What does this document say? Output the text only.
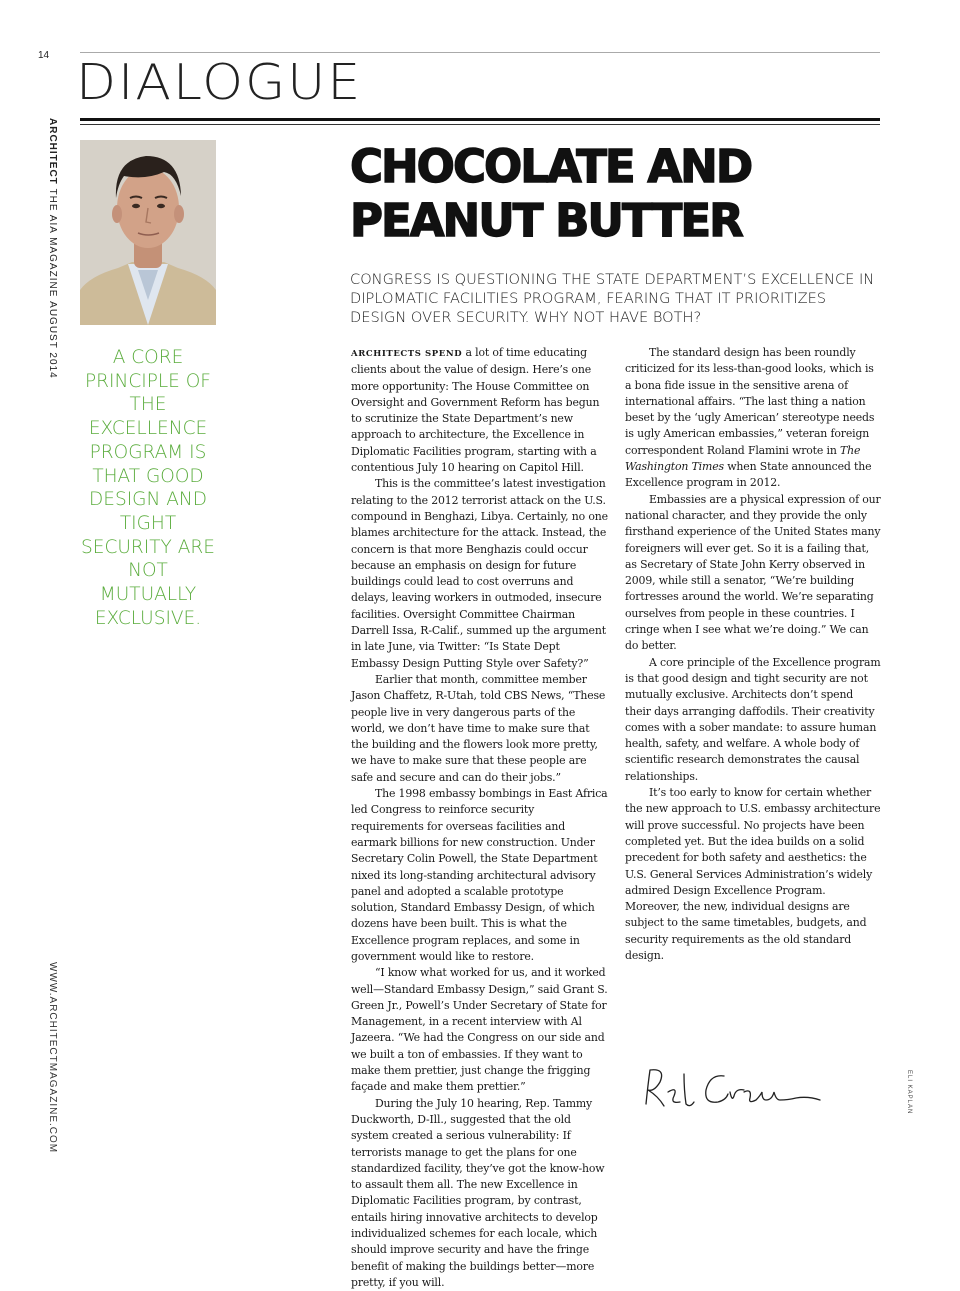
14 DIALOGUE
ARCHITECT THE AIA MAGAZINE AUGUST 2014
WWW.ARCHITECTMAGAZINE.COM	ELI KAPLAN

A CORE PRINCIPLE OF THE EXCELLENCE PROGRAM IS THAT GOOD DESIGN AND TIGHT SECURITY ARE NOT MUTUALLY EXCLUSIVE.

CHOCOLATE AND
PEANUT BUTTER

CONGRESS IS QUESTIONING THE STATE DEPARTMENT’S EXCELLENCE IN DIPLOMATIC FACILITIES PROGRAM, FEARING THAT IT PRIORITIZES DESIGN OVER SECURITY. WHY NOT HAVE BOTH?

ARCHITECTS SPEND a lot of time educating clients about the value of design. Here’s one more opportunity: The House Committee on Oversight and Government Reform has begun to scrutinize the State Department’s new approach to architecture, the Excellence in Diplomatic Facilities program, starting with a contentious July 10 hearing on Capitol Hill.

This is the committee’s latest investigation relating to the 2012 terrorist attack on the U.S. compound in Benghazi, Libya. Certainly, no one blames architecture for the attack. Instead, the concern is that more Benghazis could occur because an emphasis on design for future buildings could lead to cost overruns and delays, leaving workers in outmoded, insecure facilities. Oversight Committee Chairman Darrell Issa, R-Calif., summed up the argument in late June, via Twitter: “Is State Dept Embassy Design Putting Style over Safety?”

Earlier that month, committee member Jason Chaffetz, R-Utah, told CBS News, “These people live in very dangerous parts of the world, we don’t have time to make sure that the building and the flowers look more pretty, we have to make sure that these people are safe and secure and can do their jobs.”

The 1998 embassy bombings in East Africa led Congress to reinforce security requirements for overseas facilities and earmark billions for new construction. Under Secretary Colin Powell, the State Department nixed its long-standing architectural advisory panel and adopted a scalable prototype solution, Standard Embassy Design, of which dozens have been built. This is what the Excellence program replaces, and some in government would like to restore.

“I know what worked for us, and it worked well—Standard Embassy Design,” said Grant S. Green Jr., Powell’s Under Secretary of State for Management, in a recent interview with Al Jazeera. “We had the Congress on our side and we built a ton of embassies. If they want to make them prettier, just change the frigging façade and make them prettier.”

During the July 10 hearing, Rep. Tammy Duckworth, D-Ill., suggested that the old system created a serious vulnerability: If terrorists manage to get the plans for one standardized facility, they’ve got the know-how to assault them all. The new Excellence in Diplomatic Facilities program, by contrast, entails hiring innovative architects to develop individualized schemes for each locale, which should improve security and have the fringe benefit of making the buildings better—more pretty, if you will.

The standard design has been roundly criticized for its less-than-good looks, which is a bona fide issue in the sensitive arena of international affairs. “The last thing a nation beset by the ‘ugly American’ stereotype needs is ugly American embassies,” veteran foreign correspondent Roland Flamini wrote in The Washington Times when State announced the Excellence program in 2012.

Embassies are a physical expression of our national character, and they provide the only firsthand experience of the United States many foreigners will ever get. So it is a failing that, as Secretary of State John Kerry observed in 2009, while still a senator, “We’re building fortresses around the world. We’re separating ourselves from people in these countries. I cringe when I see what we’re doing.” We can do better.

A core principle of the Excellence program is that good design and tight security are not mutually exclusive. Architects don’t spend their days arranging daffodils. Their creativity comes with a sober mandate: to assure human health, safety, and welfare. A whole body of scientific research demonstrates the causal relationships.

It’s too early to know for certain whether the new approach to U.S. embassy architecture will prove successful. No projects have been completed yet. But the idea builds on a solid precedent for both safety and aesthetics: the U.S. General Services Administration’s widely admired Design Excellence Program. Moreover, the new, individual designs are subject to the same timetables, budgets, and security requirements as the old standard design.
